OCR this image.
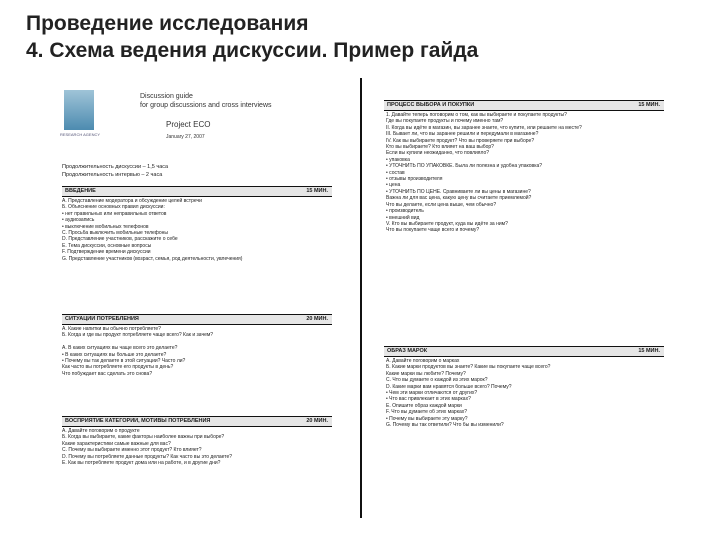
Проведение исследования
4. Схема ведения дискуссии. Пример гайда
RESEARCH AGENCY
Discussion guide
for group discussions and cross interviews
Project ECO
January 27, 2007
Продолжительность дискуссии – 1,5 часа
Продолжительность интервью – 2 часа
ВВЕДЕНИЕ	15 МИН.
А. Представление модератора и обсуждение целей встречи
Б. Объяснение основных правил дискуссии:
• нет правильных или неправильных ответов
• аудиозапись
• выключение мобильных телефонов
С. Просьба выключить мобильные телефоны
D. Представление участников, расскажите о себе
E. Тема дискуссии, основные вопросы
F. Подтверждение времени дискуссии
G. Представление участников (возраст, семья, род деятельности, увлечения)
СИТУАЦИИ ПОТРЕБЛЕНИЯ	20 МИН.
А. Какие напитки вы обычно потребляете?
Б. Когда и где вы продукт потребляете чаще всего? Как и зачем?

А. В каких ситуациях вы чаще всего это делаете?
• В каких ситуациях вы больше это делаете?
• Почему вы так делаете в этой ситуации? Часто ли?
Как часто вы потребляете его продукты в день?
Что побуждает вас сделать это снова?
ВОСПРИЯТИЕ КАТЕГОРИИ, МОТИВЫ ПОТРЕБЛЕНИЯ	20 МИН.
А. Давайте поговорим о продукте
Б. Когда вы выбираете, какие факторы наиболее важны при выборе?
Какие характеристики самые важные для вас?
С. Почему вы выбираете именно этот продукт? Кто влияет?
D. Почему вы потребляете данные продукты? Как часто вы это делаете?
E. Как вы потребляете продукт дома или на работе, и в другие дни?
ПРОЦЕСС ВЫБОРА И ПОКУПКИ	15 МИН.
1. Давайте теперь поговорим о том, как вы выбираете и покупаете продукты?
Где вы покупаете продукты и почему именно там?
II. Когда вы идёте в магазин, вы заранее знаете, что купите, или решаете на месте?
III. Бывает ли, что вы заранее решили и передумали в магазине?
IV. Как вы выбираете продукт? Что вы проверяете при выборе?
Кто вы выбираете? Кто влияет на ваш выбор?
Если вы купили неожиданно, что повлияло?
• упаковка
• УТОЧНИТЬ ПО УПАКОВКЕ. Была ли полезна и удобна упаковка?
• состав
• отзывы производителя
• цена
• УТОЧНИТЬ ПО ЦЕНЕ. Сравниваете ли вы цены в магазине?
Важна ли для вас цена, какую цену вы считаете приемлемой?
Что вы делаете, если цена выше, чем обычно?
• производитель
• внешний вид
V. Кто вы выбираете продукт, куда вы идёте за ним?
Что вы покупаете чаще всего и почему?
ОБРАЗ МАРОК	15 МИН.
А. Давайте поговорим о марках
Б. Какие марки продуктов вы знаете? Какие вы покупаете чаще всего?
Какие марки вы любите? Почему?
C. Что вы думаете о каждой из этих марок?
D. Какие марки вам нравятся больше всего? Почему?
• Чем эти марки отличаются от других?
• Что вас привлекает в этих марках?
E. Опишите образ каждой марки
F. Что вы думаете об этих марках?
• Почему вы выбираете эту марку?
G. Почему вы так ответили? Что бы вы изменили?
